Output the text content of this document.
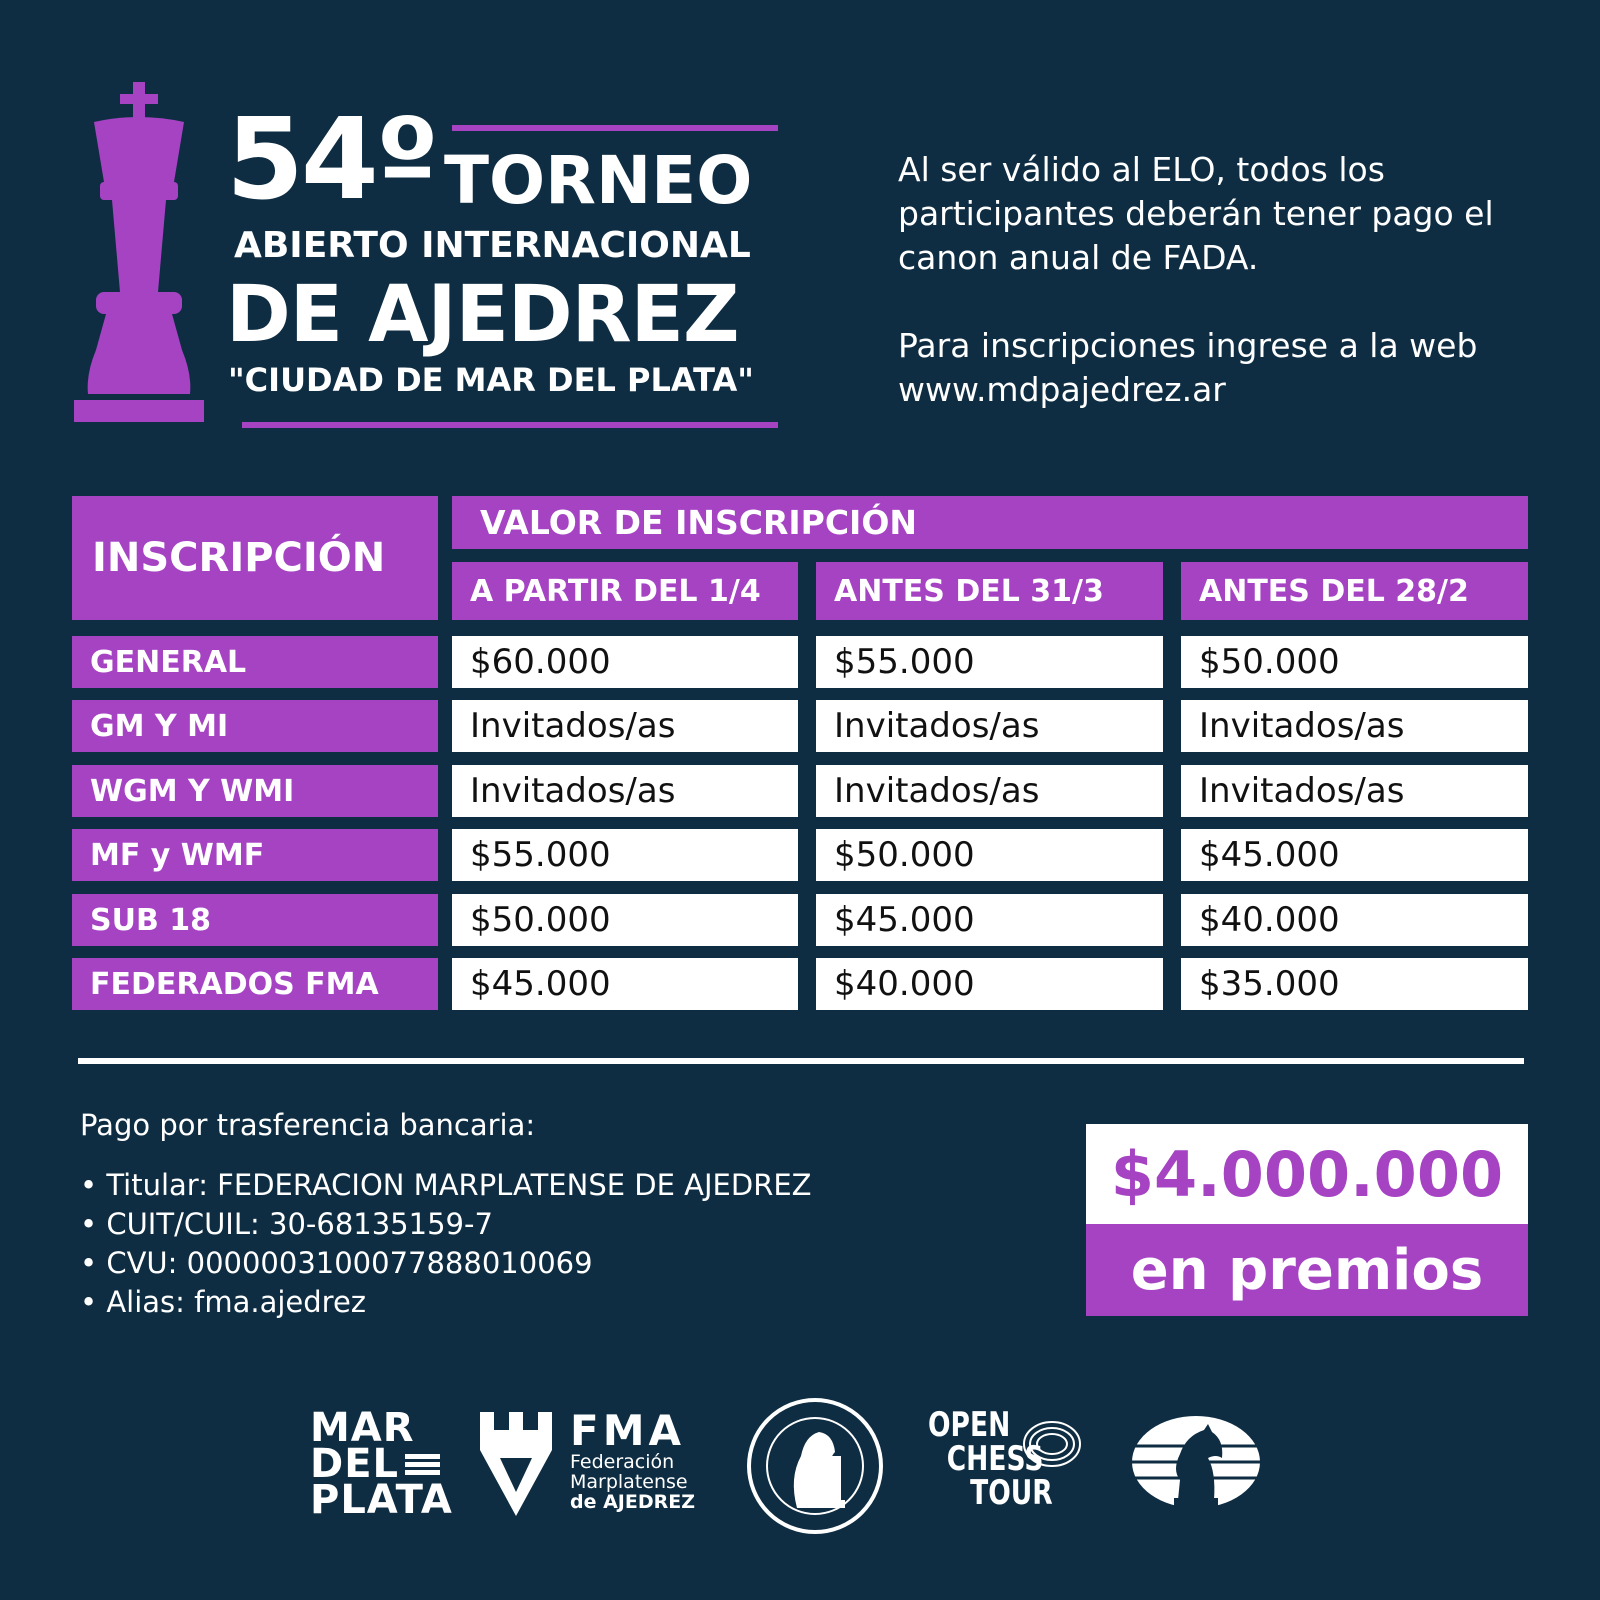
54º TORNEO
ABIERTO INTERNACIONAL
DE AJEDREZ
"CIUDAD DE MAR DEL PLATA"

Al ser válido al ELO, todos los participantes deberán tener pago el canon anual de FADA.

Para inscripciones ingrese a la web www.mdpajedrez.ar

INSCRIPCIÓN
VALOR DE INSCRIPCIÓN
A PARTIR DEL 1/4	ANTES DEL 31/3	ANTES DEL 28/2
GENERAL	$60.000	$55.000	$50.000
GM Y MI	Invitados/as	Invitados/as	Invitados/as
WGM Y WMI	Invitados/as	Invitados/as	Invitados/as
MF y WMF	$55.000	$50.000	$45.000
SUB 18	$50.000	$45.000	$40.000
FEDERADOS FMA	$45.000	$40.000	$35.000
Pago por trasferencia bancaria:
• Titular: FEDERACION MARPLATENSE DE AJEDREZ
• CUIT/CUIL: 30-68135159-7
• CVU: 0000003100077888010069
• Alias: fma.ajedrez
$4.000.000
en premios
MAR
DEL
PLATA
FMA
Federación
Marplatense
de AJEDREZ
OPEN
CHESS
TOUR	FIDE
